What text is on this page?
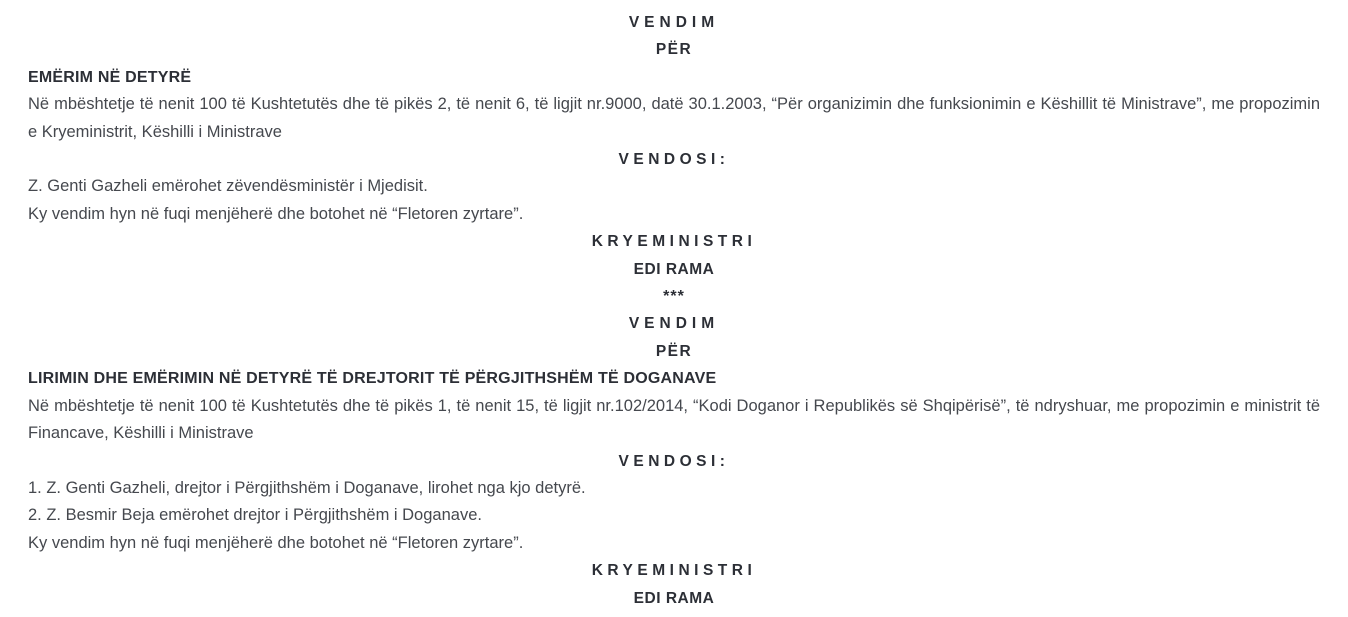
VENDIM
PËR
EMËRIM NË DETYRË

Në mbështetje të nenit 100 të Kushtetutës dhe të pikës 2, të nenit 6, të ligjit nr.9000, datë 30.1.2003, “Për organizimin dhe funksionimin e Këshillit të Ministrave”, me propozimin e Kryeministrit, Këshilli i Ministrave

VENDOSI:
Z. Genti Gazheli emërohet zëvendësministër i Mjedisit.
Ky vendim hyn në fuqi menjëherë dhe botohet në “Fletoren zyrtare”.
KRYEMINISTRI
EDI RAMA
***
VENDIM
PËR
LIRIMIN DHE EMËRIMIN NË DETYRË TË DREJTORIT TË PËRGJITHSHËM TË DOGANAVE

Në mbështetje të nenit 100 të Kushtetutës dhe të pikës 1, të nenit 15, të ligjit nr.102/2014, “Kodi Doganor i Republikës së Shqipërisë”, të ndryshuar, me propozimin e ministrit të Financave, Këshilli i Ministrave

VENDOSI:
1. Z. Genti Gazheli, drejtor i Përgjithshëm i Doganave, lirohet nga kjo detyrë.
2. Z. Besmir Beja emërohet drejtor i Përgjithshëm i Doganave.
Ky vendim hyn në fuqi menjëherë dhe botohet në “Fletoren zyrtare”.
KRYEMINISTRI
EDI RAMA
